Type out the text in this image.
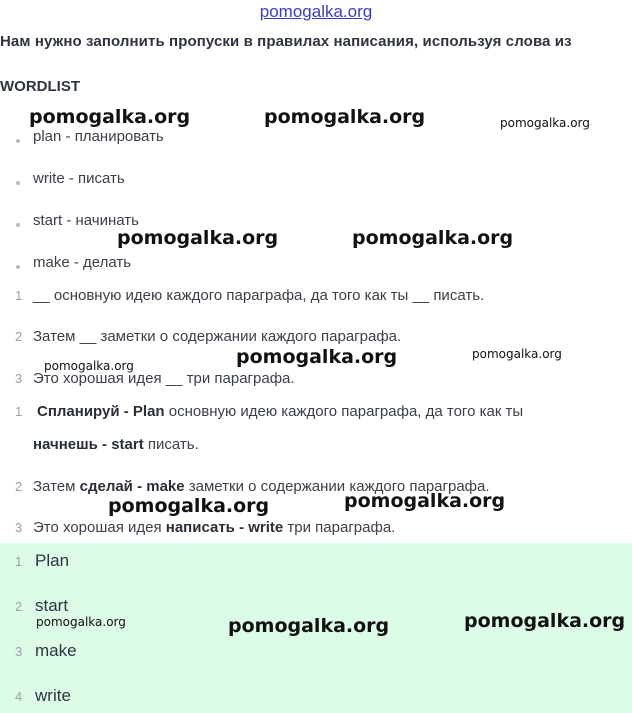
pomogalka.org
Нам нужно заполнить пропуски в правилах написания, используя слова из
WORDLIST
plan - планировать
write - писать
start - начинать
make - делать
1 __ основную идею каждого параграфа, да того как ты __ писать.
2 Затем __ заметки о содержании каждого параграфа.
3 Это хорошая идея __ три параграфа.
1 Спланируй - Plan основную идею каждого параграфа, да того как ты
начнешь - start писать.
2 Затем сделай - make заметки о содержании каждого параграфа.
3 Это хорошая идея написать - write три параграфа.
1 Plan
2 start
3 make
4 write
pomogalka.org	pomogalka.org	pomogalka.org
pomogalka.org	pomogalka.org
pomogalka.org	pomogalka.org	pomogalka.org
pomogalka.org	pomogalka.org
pomogalka.org	pomogalka.org	pomogalka.org
